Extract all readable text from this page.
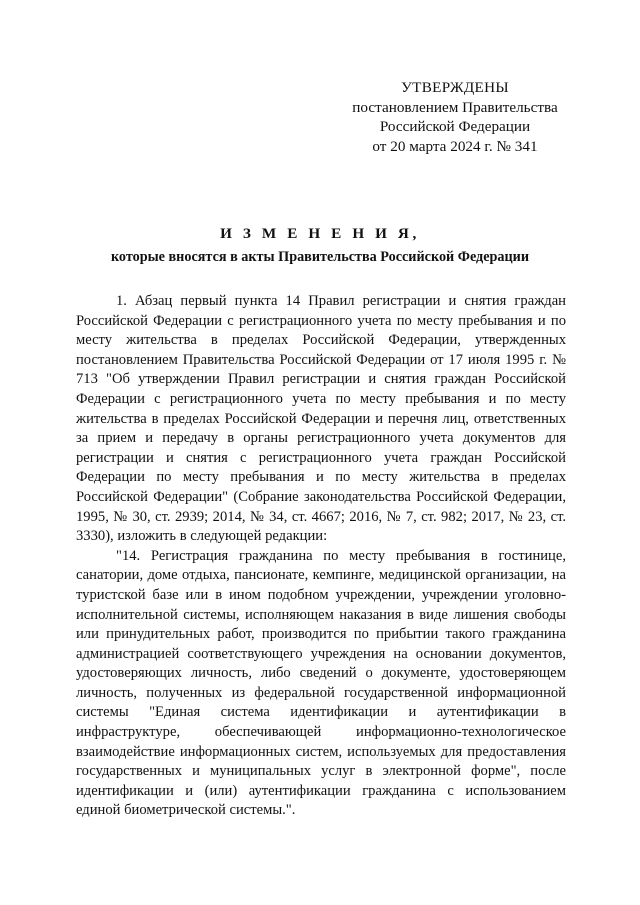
УТВЕРЖДЕНЫ
постановлением Правительства
Российской Федерации
от 20 марта 2024 г. № 341
И З М Е Н Е Н И Я,
которые вносятся в акты Правительства Российской Федерации

1. Абзац первый пункта 14 Правил регистрации и снятия граждан Российской Федерации с регистрационного учета по месту пребывания и по месту жительства в пределах Российской Федерации, утвержденных постановлением Правительства Российской Федерации от 17 июля 1995 г. № 713 "Об утверждении Правил регистрации и снятия граждан Российской Федерации с регистрационного учета по месту пребывания и по месту жительства в пределах Российской Федерации и перечня лиц, ответственных за прием и передачу в органы регистрационного учета документов для регистрации и снятия с регистрационного учета граждан Российской Федерации по месту пребывания и по месту жительства в пределах Российской Федерации" (Собрание законодательства Российской Федерации, 1995, № 30, ст. 2939; 2014, № 34, ст. 4667; 2016, № 7, ст. 982; 2017, № 23, ст. 3330), изложить в следующей редакции:

"14. Регистрация гражданина по месту пребывания в гостинице, санатории, доме отдыха, пансионате, кемпинге, медицинской организации, на туристской базе или в ином подобном учреждении, учреждении уголовно-исполнительной системы, исполняющем наказания в виде лишения свободы или принудительных работ, производится по прибытии такого гражданина администрацией соответствующего учреждения на основании документов, удостоверяющих личность, либо сведений о документе, удостоверяющем личность, полученных из федеральной государственной информационной системы "Единая система идентификации и аутентификации в инфраструктуре, обеспечивающей информационно-технологическое взаимодействие информационных систем, используемых для предоставления государственных и муниципальных услуг в электронной форме", после идентификации и (или) аутентификации гражданина с использованием единой биометрической системы.".
